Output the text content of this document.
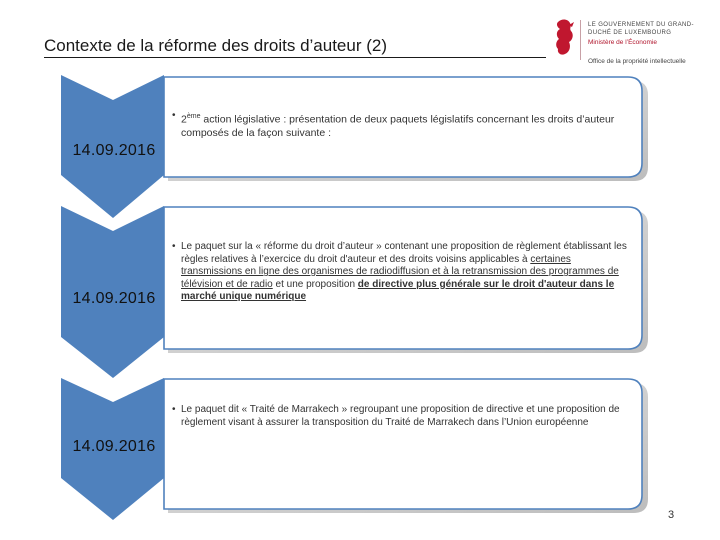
Contexte de la réforme des droits d’auteur (2)
LE GOUVERNEMENT DU GRAND-DUCHÉ DE LUXEMBOURG
Ministère de l’Économie
Office de la propriété intellectuelle
14.09.2016
14.09.2016
14.09.2016
• 2ème action législative : présentation de deux paquets législatifs concernant les droits d’auteur composés de la façon suivante :
• Le paquet sur la « réforme du droit d’auteur » contenant une proposition de règlement établissant les règles relatives à l’exercice du droit d'auteur et des droits voisins applicables à certaines transmissions en ligne des organismes de radiodiffusion et à la retransmission des programmes de télévision et de radio et une proposition de directive plus générale sur le droit d'auteur dans le marché unique numérique
• Le paquet dit « Traité de Marrakech » regroupant une proposition de directive et une proposition de règlement visant à assurer la transposition du Traité de Marrakech dans l’Union européenne
3
